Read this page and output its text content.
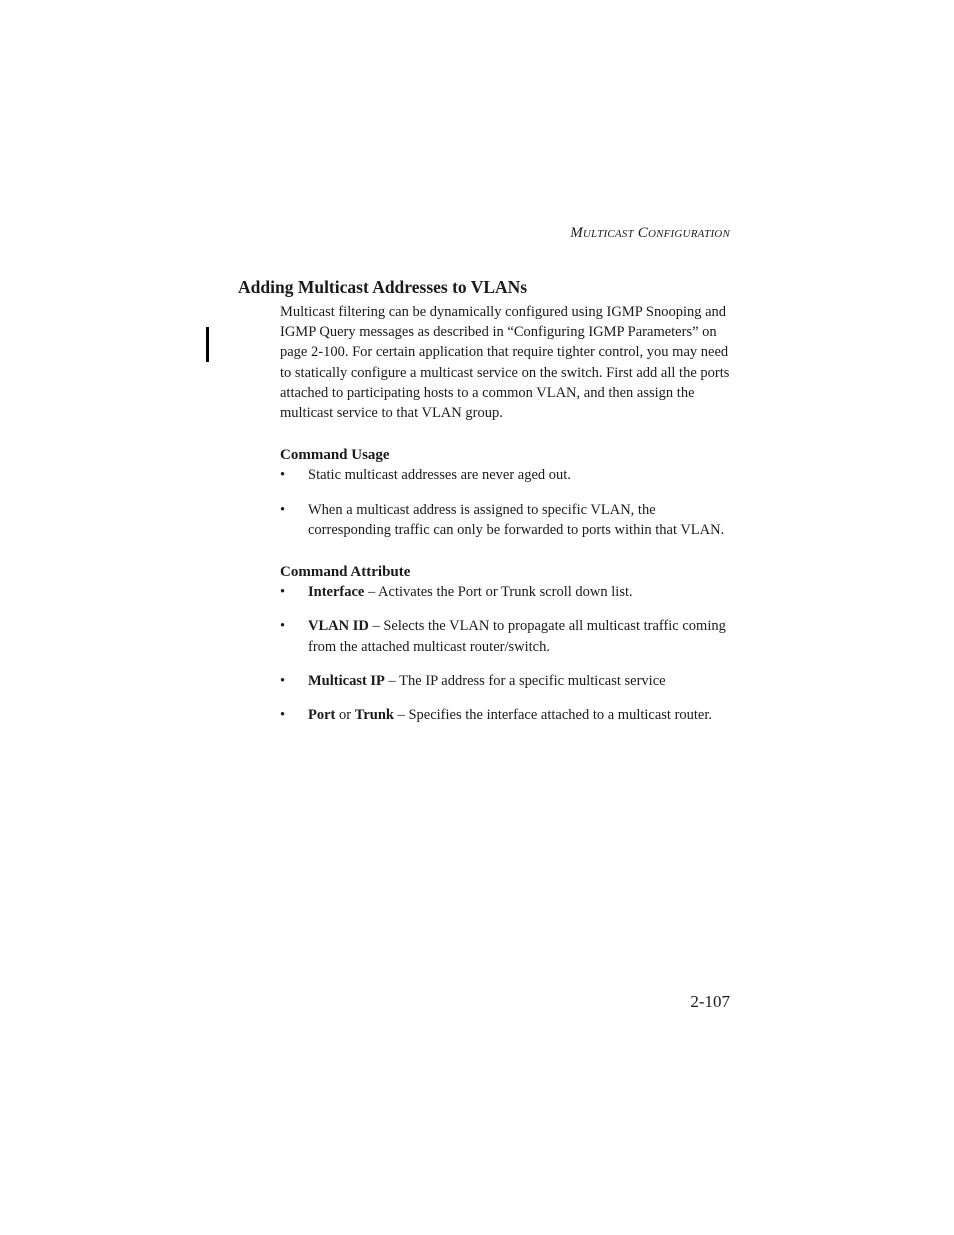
Multicast Configuration
Adding Multicast Addresses to VLANs

Multicast filtering can be dynamically configured using IGMP Snooping and IGMP Query messages as described in “Configuring IGMP Parameters” on page 2-100. For certain application that require tighter control, you may need to statically configure a multicast service on the switch. First add all the ports attached to participating hosts to a common VLAN, and then assign the multicast service to that VLAN group.

Command Usage
• Static multicast addresses are never aged out.
• When a multicast address is assigned to specific VLAN, the corresponding traffic can only be forwarded to ports within that VLAN.
Command Attribute
• Interface – Activates the Port or Trunk scroll down list.
• VLAN ID – Selects the VLAN to propagate all multicast traffic coming from the attached multicast router/switch.
• Multicast IP – The IP address for a specific multicast service
• Port or Trunk – Specifies the interface attached to a multicast router.
2-107
